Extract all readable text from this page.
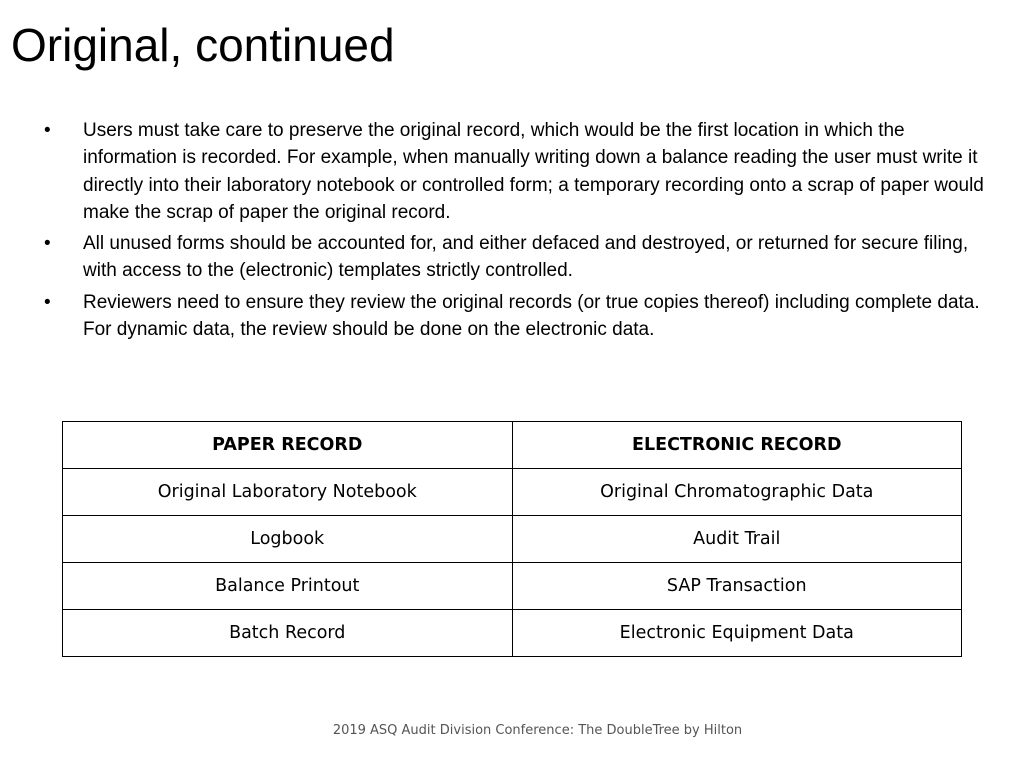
Original, continued
• Users must take care to preserve the original record, which would be the first location in which the information is recorded. For example, when manually writing down a balance reading the user must write it directly into their laboratory notebook or controlled form; a temporary recording onto a scrap of paper would make the scrap of paper the original record.
• All unused forms should be accounted for, and either defaced and destroyed, or returned for secure filing, with access to the (electronic) templates strictly controlled.
• Reviewers need to ensure they review the original records (or true copies thereof) including complete data. For dynamic data, the review should be done on the electronic data.
PAPER RECORD	ELECTRONIC RECORD
Original Laboratory Notebook	Original Chromatographic Data
Logbook	Audit Trail
Balance Printout	SAP Transaction
Batch Record	Electronic Equipment Data
2019 ASQ Audit Division Conference: The DoubleTree by Hilton
